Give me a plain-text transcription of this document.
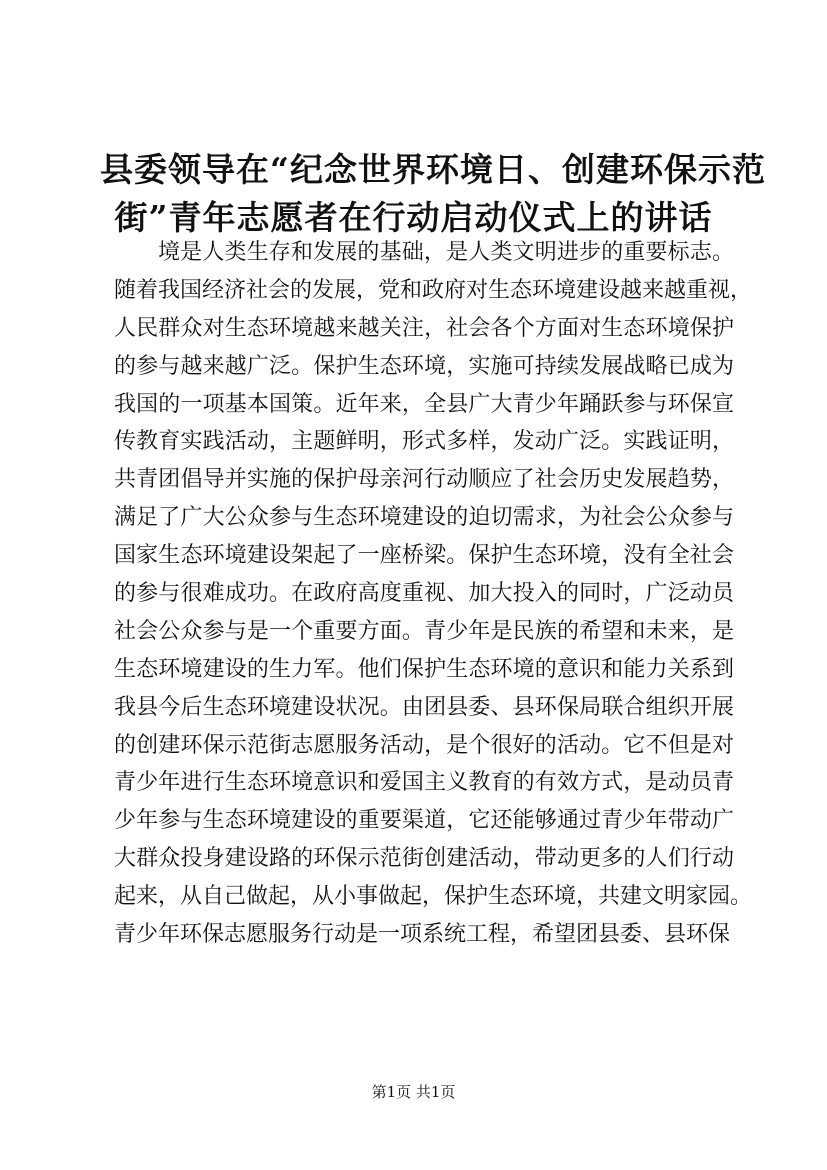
县委领导在“纪念世界环境日、创建环保示范
街”青年志愿者在行动启动仪式上的讲话
境是人类生存和发展的基础，是人类文明进步的重要标志。
随着我国经济社会的发展，党和政府对生态环境建设越来越重视，
人民群众对生态环境越来越关注，社会各个方面对生态环境保护
的参与越来越广泛。保护生态环境，实施可持续发展战略已成为
我国的一项基本国策。近年来，全县广大青少年踊跃参与环保宣
传教育实践活动，主题鲜明，形式多样，发动广泛。实践证明，
共青团倡导并实施的保护母亲河行动顺应了社会历史发展趋势，
满足了广大公众参与生态环境建设的迫切需求，为社会公众参与
国家生态环境建设架起了一座桥梁。保护生态环境，没有全社会
的参与很难成功。在政府高度重视、加大投入的同时，广泛动员
社会公众参与是一个重要方面。青少年是民族的希望和未来，是
生态环境建设的生力军。他们保护生态环境的意识和能力关系到
我县今后生态环境建设状况。由团县委、县环保局联合组织开展
的创建环保示范街志愿服务活动，是个很好的活动。它不但是对
青少年进行生态环境意识和爱国主义教育的有效方式，是动员青
少年参与生态环境建设的重要渠道，它还能够通过青少年带动广
大群众投身建设路的环保示范街创建活动，带动更多的人们行动
起来，从自己做起，从小事做起，保护生态环境，共建文明家园。
青少年环保志愿服务行动是一项系统工程，希望团县委、县环保
第1页 共1页
